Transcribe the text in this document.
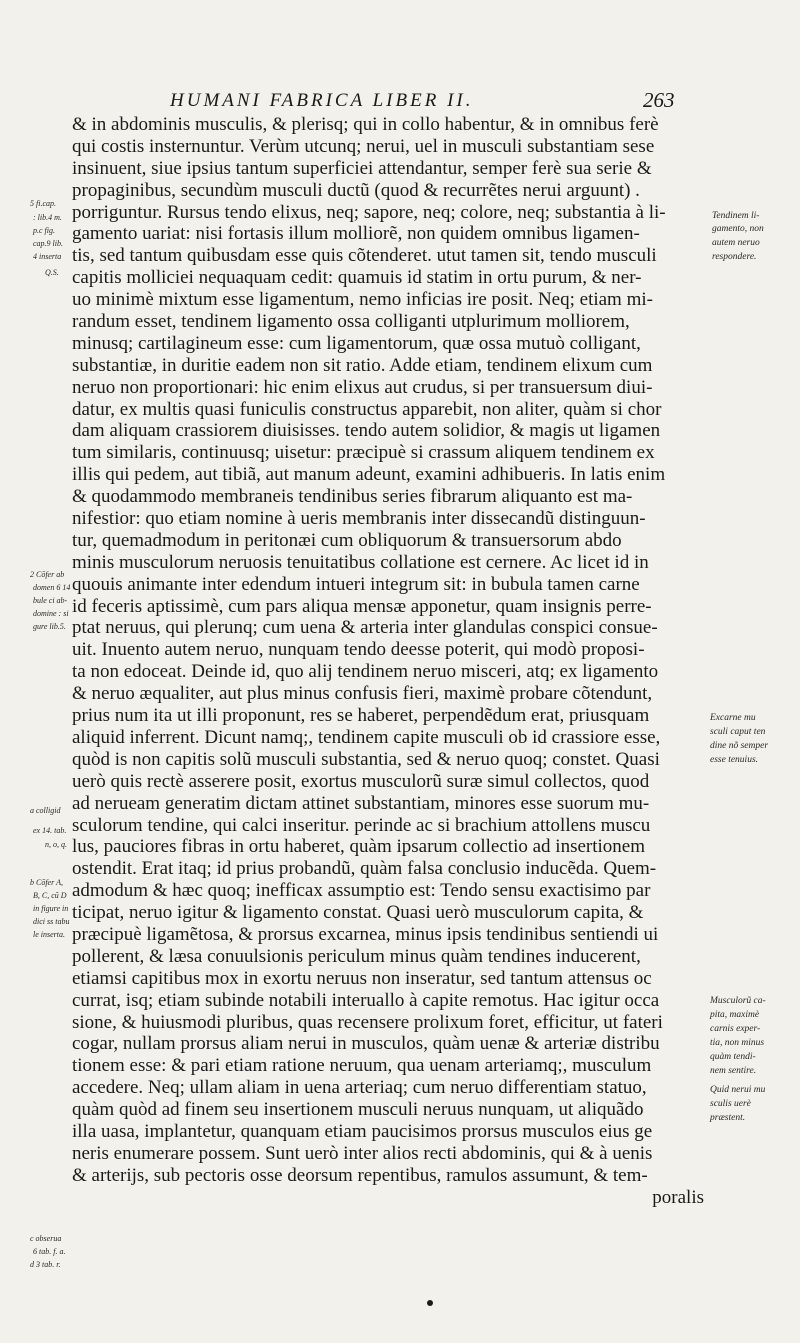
HUMANI FABRICA LIBER II.	263
& in abdominis musculis, & plerisq; qui in collo habentur, & in omnibus ferè
qui costis insternuntur. Verùm utcunq; nerui, uel in musculi substantiam sese
insinuent, siue ipsius tantum superficiei attendantur, semper ferè sua serie &
propaginibus, secundùm musculi ductũ (quod & recurrẽtes nerui arguunt) .
porriguntur. Rursus tendo elixus, neq; sapore, neq; colore, neq; substantia à li-
gamento uariat: nisi fortasis illum molliorẽ, non quidem omnibus ligamen-
tis, sed tantum quibusdam esse quis cõtenderet. utut tamen sit, tendo musculi
capitis molliciei nequaquam cedit: quamuis id statim in ortu purum, & ner-
uo minimè mixtum esse ligamentum, nemo inficias ire posit. Neq; etiam mi-
randum esset, tendinem ligamento ossa colliganti utplurimum molliorem,
minusq; cartilagineum esse: cum ligamentorum, quæ ossa mutuò colligant,
substantiæ, in duritie eadem non sit ratio. Adde etiam, tendinem elixum cum
neruo non proportionari: hic enim elixus aut crudus, si per transuersum diui-
datur, ex multis quasi funiculis constructus apparebit, non aliter, quàm si chor
dam aliquam crassiorem diuisisses. tendo autem solidior, & magis ut ligamen
tum similaris, continuusq; uisetur: præcipuè si crassum aliquem tendinem ex
illis qui pedem, aut tibiã, aut manum adeunt, examini adhibueris. In latis enim
& quodammodo membraneis tendinibus series fibrarum aliquanto est ma-
nifestior: quo etiam nomine à ueris membranis inter dissecandũ distinguun-
tur, quemadmodum in peritonæi cum obliquorum & transuersorum abdo
minis musculorum neruosis tenuitatibus collatione est cernere. Ac licet id in
quouis animante inter edendum intueri integrum sit: in bubula tamen carne
id feceris aptissimè, cum pars aliqua mensæ apponetur, quam insignis perre-
ptat neruus, qui plerunq; cum uena & arteria inter glandulas conspici consue-
uit. Inuento autem neruo, nunquam tendo deesse poterit, qui modò proposi-
ta non edoceat. Deinde id, quo alij tendinem neruo misceri, atq; ex ligamento
& neruo æqualiter, aut plus minus confusis fieri, maximè probare cõtendunt,
prius num ita ut illi proponunt, res se haberet, perpendẽdum erat, priusquam
aliquid inferrent. Dicunt namq;, tendinem capite musculi ob id crassiore esse,
quòd is non capitis solũ musculi substantia, sed & neruo quoq; constet. Quasi
uerò quis rectè asserere posit, exortus musculorũ suræ simul collectos, quod
ad nerueam generatim dictam attinet substantiam, minores esse suorum mu-
sculorum tendine, qui calci inseritur. perinde ac si brachium attollens muscu
lus, pauciores fibras in ortu haberet, quàm ipsarum collectio ad insertionem
ostendit. Erat itaq; id prius probandũ, quàm falsa conclusio inducẽda. Quem-
admodum & hæc quoq; inefficax assumptio est: Tendo sensu exactisimo par
ticipat, neruo igitur & ligamento constat. Quasi uerò musculorum capita, &
præcipuè ligamẽtosa, & prorsus excarnea, minus ipsis tendinibus sentiendi ui
pollerent, & læsa conuulsionis periculum minus quàm tendines inducerent,
etiamsi capitibus mox in exortu neruus non inseratur, sed tantum attensus oc
currat, isq; etiam subinde notabili interuallo à capite remotus. Hac igitur occa
sione, & huiusmodi pluribus, quas recensere prolixum foret, efficitur, ut fateri
cogar, nullam prorsus aliam nerui in musculos, quàm uenæ & arteriæ distribu
tionem esse: & pari etiam ratione neruum, qua uenam arteriamq;, musculum
accedere. Neq; ullam aliam in uena arteriaq; cum neruo differentiam statuo,
quàm quòd ad finem seu insertionem musculi neruus nunquam, ut aliquãdo
illa uasa, implantetur, quanquam etiam paucisimos prorsus musculos eius ge
neris enumerare possem. Sunt uerò inter alios recti abdominis, qui & à uenis
& arterijs, sub pectoris osse deorsum repentibus, ramulos assumunt, & tem-
poralis
5 fi.cap.
: lib.4 m.
p.c fig.
cap.9 lib.
4 inserta
Q.S.
2 Cõfer ab
domen 6 14
bule ci ab-
domine : si
gure lib.5.
a colligid
ex 14. tab.
n, o, q.
b Cõfer A,
B, C, cũ D
in figure in
dici ss tabu
le inserta.
c obserua
6 tab. f. a.
d 3 tab. r.
Tendinem li-
gamento, non
autem neruo
respondere.
Excarne mu
sculi caput ten
dine nõ semper
esse tenuius.
Musculorũ ca-
pita, maximè
carnis exper-
tia, non minus
quàm tendi-
nem sentire.
Quid nerui mu
sculis uerè
præstent.
